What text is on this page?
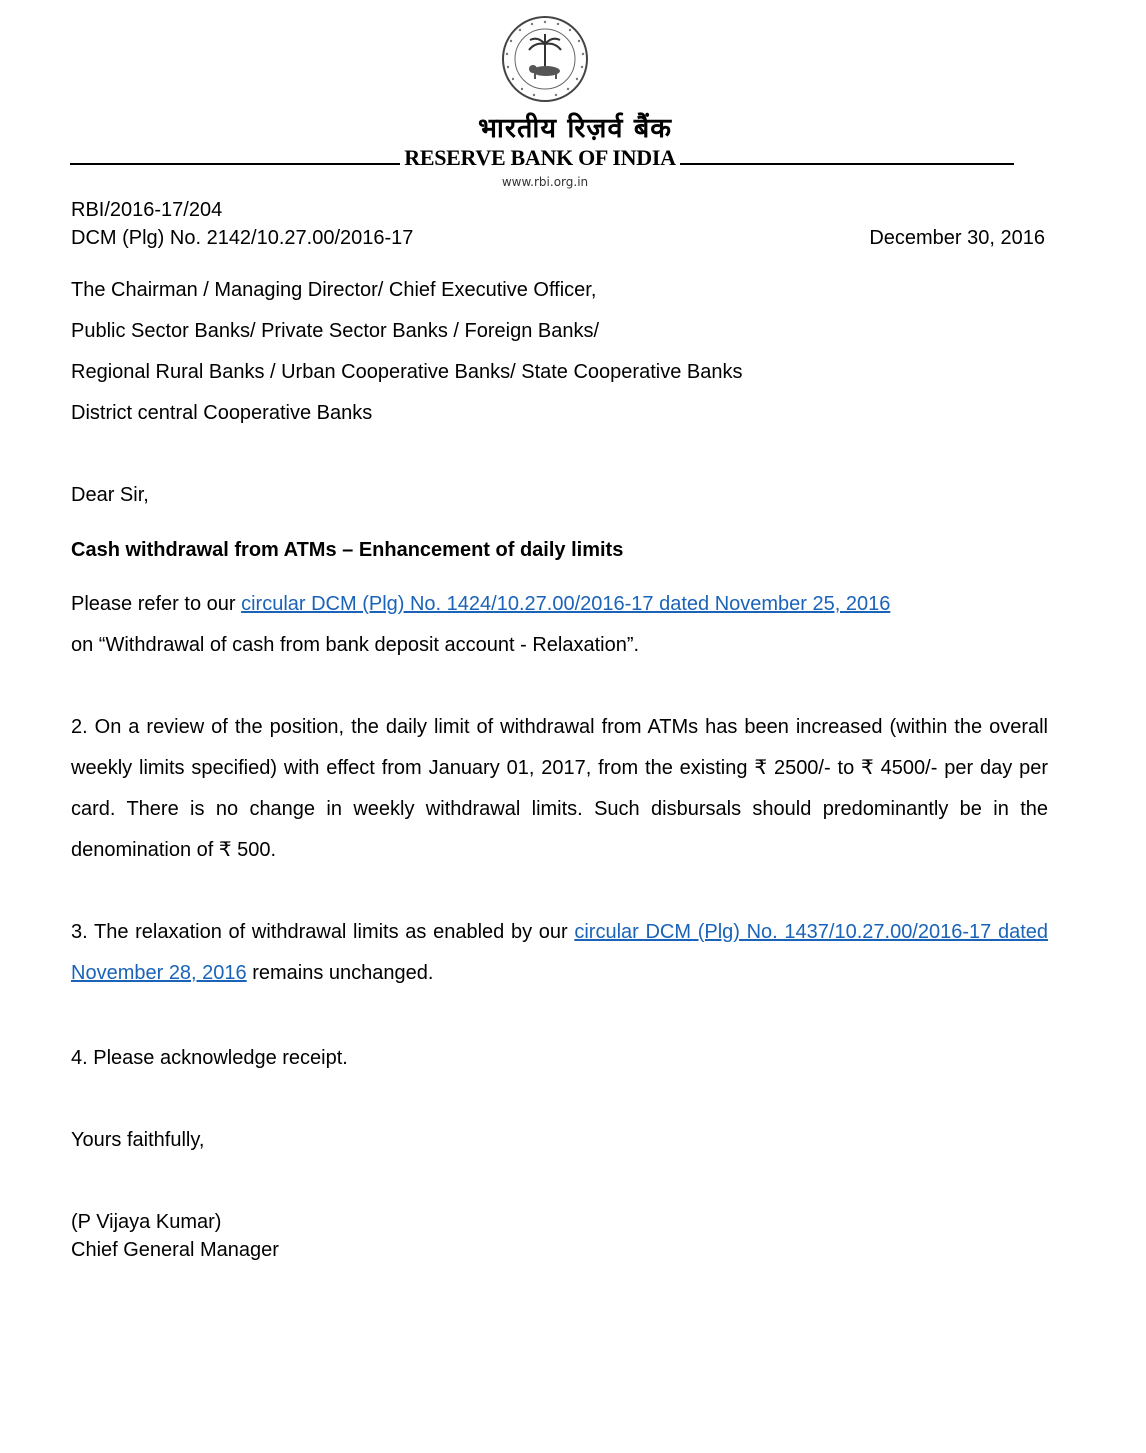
भारतीय रिज़र्व बैंक
RESERVE BANK OF INDIA
www.rbi.org.in
RBI/2016-17/204
DCM (Plg) No. 2142/10.27.00/2016-17	December 30, 2016
The Chairman / Managing Director/ Chief Executive Officer,
Public Sector Banks/ Private Sector Banks / Foreign Banks/
Regional Rural Banks / Urban Cooperative Banks/ State Cooperative Banks
District central Cooperative Banks
Dear Sir,
Cash withdrawal from ATMs – Enhancement of daily limits
Please refer to our circular DCM (Plg) No. 1424/10.27.00/2016-17 dated November 25, 2016
on “Withdrawal of cash from bank deposit account - Relaxation”.
2. On a review of the position, the daily limit of withdrawal from ATMs has been increased (within the overall weekly limits specified) with effect from January 01, 2017, from the existing ₹ 2500/- to ₹ 4500/- per day per card. There is no change in weekly withdrawal limits. Such disbursals should predominantly be in the denomination of ₹ 500.
3. The relaxation of withdrawal limits as enabled by our circular DCM (Plg) No. 1437/10.27.00/2016-17 dated November 28, 2016 remains unchanged.
4. Please acknowledge receipt.
Yours faithfully,
(P Vijaya Kumar)
Chief General Manager
